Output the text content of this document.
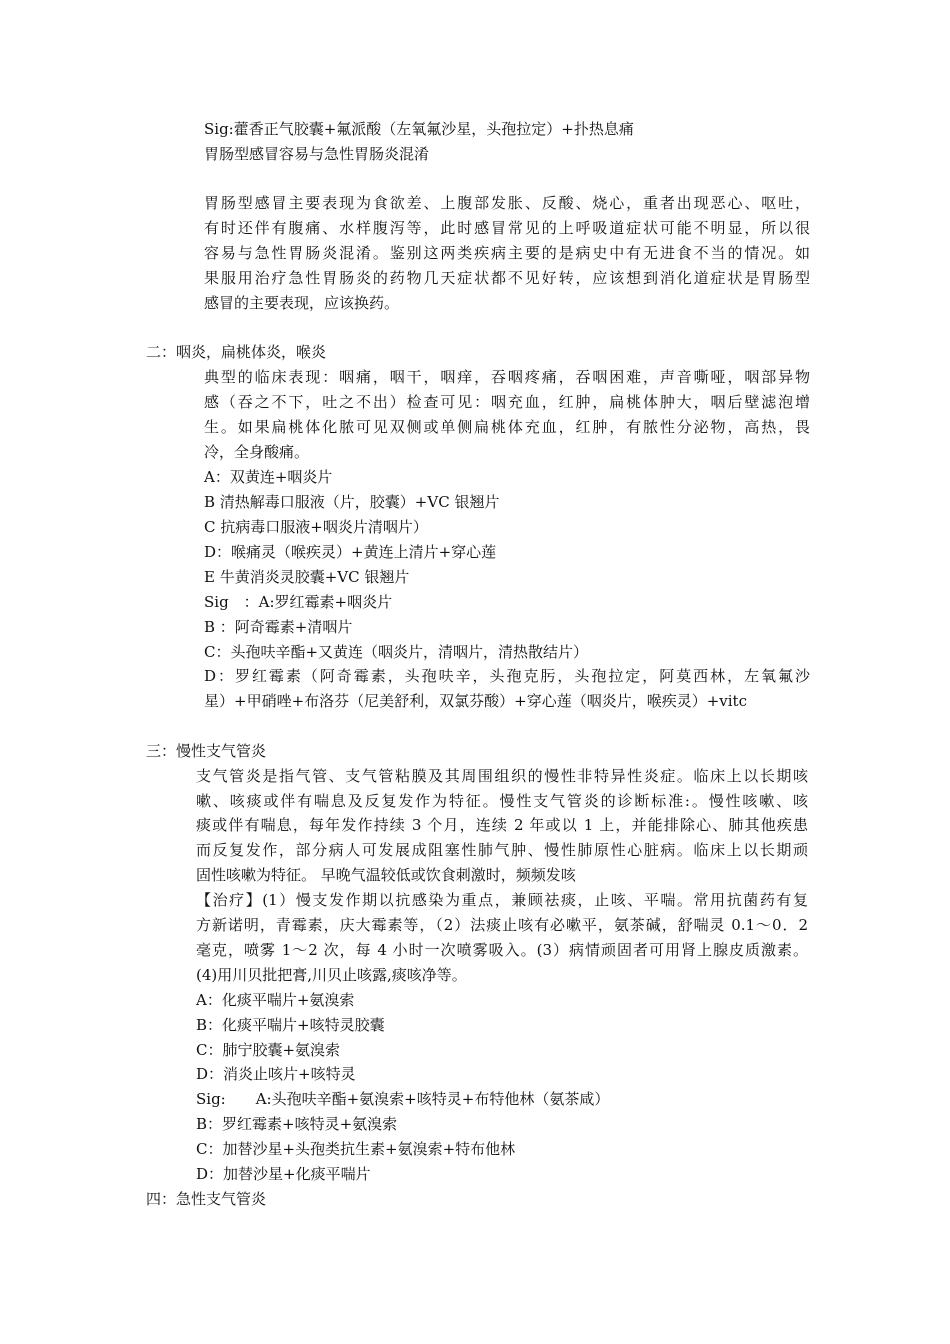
Sig:藿香正气胶囊+氟派酸（左氧氟沙星，头孢拉定）+扑热息痛
胃肠型感冒容易与急性胃肠炎混淆
胃肠型感冒主要表现为食欲差、上腹部发胀、反酸、烧心，重者出现恶心、呕吐，
有时还伴有腹痛、水样腹泻等，此时感冒常见的上呼吸道症状可能不明显，所以很
容易与急性胃肠炎混淆。鉴别这两类疾病主要的是病史中有无进食不当的情况。如
果服用治疗急性胃肠炎的药物几天症状都不见好转，应该想到消化道症状是胃肠型
感冒的主要表现，应该换药。
二：咽炎，扁桃体炎，喉炎
典型的临床表现：咽痛，咽干，咽痒，吞咽疼痛，吞咽困难，声音嘶哑，咽部异物
感（吞之不下，吐之不出）检查可见：咽充血，红肿，扁桃体肿大，咽后壁滤泡增
生。如果扁桃体化脓可见双侧或单侧扁桃体充血，红肿，有脓性分泌物，高热，畏
冷，全身酸痛。
A：双黄连+咽炎片
B 清热解毒口服液（片，胶囊）+VC 银翘片
C 抗病毒口服液+咽炎片清咽片）
D：喉痛灵（喉疾灵）+黄连上清片+穿心莲
E 牛黄消炎灵胶囊+VC 银翘片
Sig　：A:罗红霉素+咽炎片
B ：阿奇霉素+清咽片
C：头孢呋辛酯+又黄连（咽炎片，清咽片，清热散结片）
D：罗红霉素（阿奇霉素，头孢呋辛，头孢克肟，头孢拉定，阿莫西林，左氧氟沙
星）+甲硝唑+布洛芬（尼美舒利，双氯芬酸）+穿心莲（咽炎片，喉疾灵）+vitc
三：慢性支气管炎
支气管炎是指气管、支气管粘膜及其周围组织的慢性非特异性炎症。临床上以长期咳
嗽、咳痰或伴有喘息及反复发作为特征。慢性支气管炎的诊断标准:。慢性咳嗽、咳
痰或伴有喘息，每年发作持续 3 个月，连续 2 年或以 1 上，并能排除心、肺其他疾患
而反复发作，部分病人可发展成阻塞性肺气肿、慢性肺原性心脏病。临床上以长期顽
固性咳嗽为特征。 早晚气温较低或饮食刺激时，频频发咳
【治疗】(1）慢支发作期以抗感染为重点，兼顾祛痰，止咳、平喘。常用抗菌药有复
方新诺明，青霉素，庆大霉素等，（2）法痰止咳有必嗽平，氨茶碱，舒喘灵 0.1～0．2
毫克，喷雾 1～2 次，每 4 小时一次喷雾吸入。(3）病情顽固者可用肾上腺皮质激素。
(4)用川贝批把膏,川贝止咳露,痰咳净等。
A：化痰平喘片+氨溴索
B：化痰平喘片+咳特灵胶囊
C：肺宁胶囊+氨溴索
D：消炎止咳片+咳特灵
Sig:　　A:头孢呋辛酯+氨溴索+咳特灵+布特他林（氨茶咸）
B：罗红霉素+咳特灵+氨溴索
C：加替沙星+头孢类抗生素+氨溴索+特布他林
D：加替沙星+化痰平喘片
四：急性支气管炎
